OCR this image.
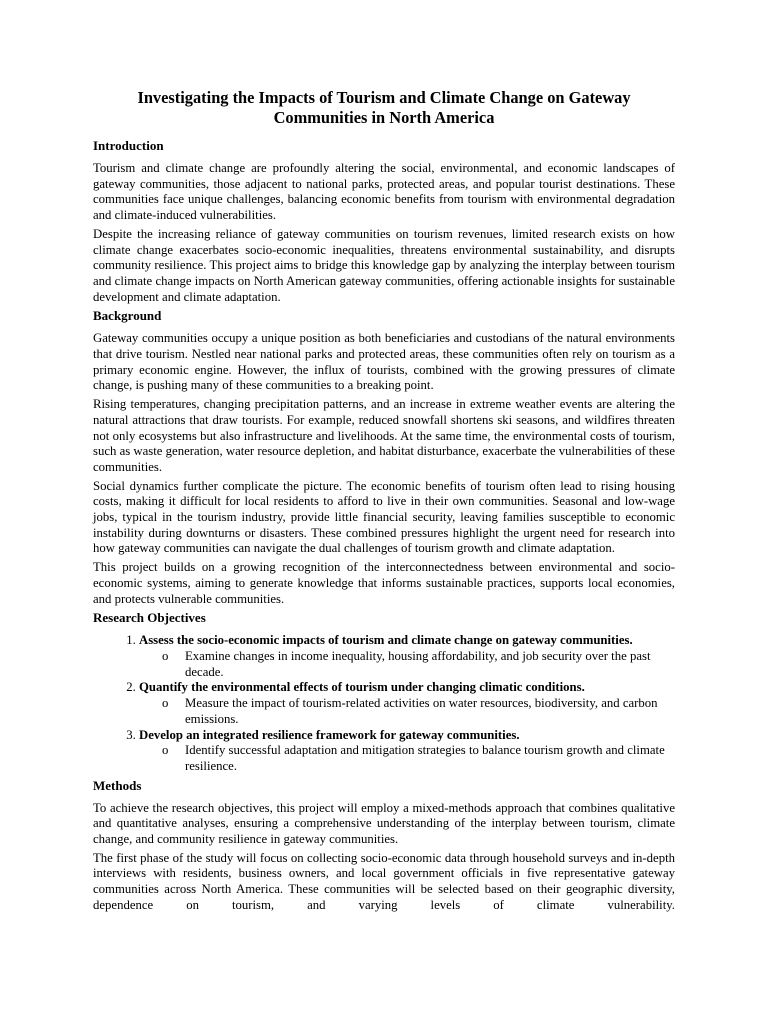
Investigating the Impacts of Tourism and Climate Change on Gateway Communities in North America
Introduction

Tourism and climate change are profoundly altering the social, environmental, and economic landscapes of gateway communities, those adjacent to national parks, protected areas, and popular tourist destinations. These communities face unique challenges, balancing economic benefits from tourism with environmental degradation and climate-induced vulnerabilities.

Despite the increasing reliance of gateway communities on tourism revenues, limited research exists on how climate change exacerbates socio-economic inequalities, threatens environmental sustainability, and disrupts community resilience. This project aims to bridge this knowledge gap by analyzing the interplay between tourism and climate change impacts on North American gateway communities, offering actionable insights for sustainable development and climate adaptation.

Background

Gateway communities occupy a unique position as both beneficiaries and custodians of the natural environments that drive tourism. Nestled near national parks and protected areas, these communities often rely on tourism as a primary economic engine. However, the influx of tourists, combined with the growing pressures of climate change, is pushing many of these communities to a breaking point.

Rising temperatures, changing precipitation patterns, and an increase in extreme weather events are altering the natural attractions that draw tourists. For example, reduced snowfall shortens ski seasons, and wildfires threaten not only ecosystems but also infrastructure and livelihoods. At the same time, the environmental costs of tourism, such as waste generation, water resource depletion, and habitat disturbance, exacerbate the vulnerabilities of these communities.

Social dynamics further complicate the picture. The economic benefits of tourism often lead to rising housing costs, making it difficult for local residents to afford to live in their own communities. Seasonal and low-wage jobs, typical in the tourism industry, provide little financial security, leaving families susceptible to economic instability during downturns or disasters. These combined pressures highlight the urgent need for research into how gateway communities can navigate the dual challenges of tourism growth and climate adaptation.

This project builds on a growing recognition of the interconnectedness between environmental and socio-economic systems, aiming to generate knowledge that informs sustainable practices, supports local economies, and protects vulnerable communities.

Research Objectives
1. Assess the socio-economic impacts of tourism and climate change on gateway communities.
o Examine changes in income inequality, housing affordability, and job security over the past decade.
2. Quantify the environmental effects of tourism under changing climatic conditions.
o Measure the impact of tourism-related activities on water resources, biodiversity, and carbon emissions.
3. Develop an integrated resilience framework for gateway communities.
o Identify successful adaptation and mitigation strategies to balance tourism growth and climate resilience.
Methods

To achieve the research objectives, this project will employ a mixed-methods approach that combines qualitative and quantitative analyses, ensuring a comprehensive understanding of the interplay between tourism, climate change, and community resilience in gateway communities.

The first phase of the study will focus on collecting socio-economic data through household surveys and in-depth interviews with residents, business owners, and local government officials in five representative gateway communities across North America. These communities will be selected based on their geographic diversity, dependence on tourism, and varying levels of climate vulnerability.
